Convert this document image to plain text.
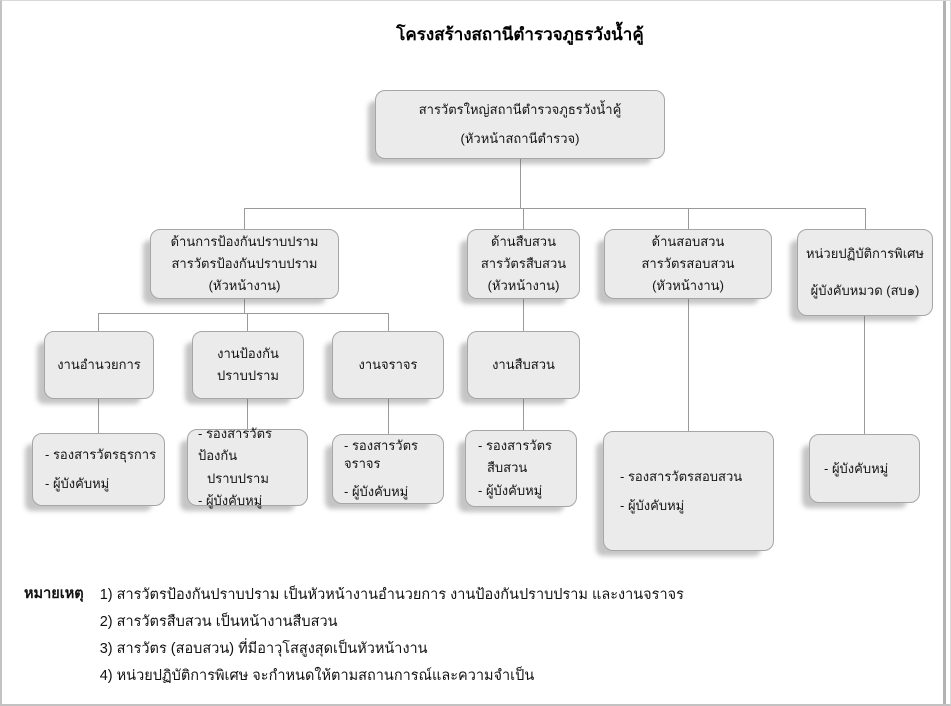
โครงสร้างสถานีตำรวจภูธรวังน้ำคู้
สารวัตรใหญ่สถานีตำรวจภูธรวังน้ำคู้
(หัวหน้าสถานีตำรวจ)
ด้านการป้องกันปราบปราม
สารวัตรป้องกันปราบปราม
(หัวหน้างาน)
ด้านสืบสวน
สารวัตรสืบสวน
(หัวหน้างาน)
ด้านสอบสวน
สารวัตรสอบสวน
(หัวหน้างาน)
หน่วยปฏิบัติการพิเศษ
ผู้บังคับหมวด (สบ๑)
งานอำนวยการ
งานป้องกัน
ปราบปราม
งานจราจร	งานสืบสวน
- รองสารวัตรธุรการ
- ผู้บังคับหมู่
- รองสารวัตรป้องกัน
ปราบปราม
- ผู้บังคับหมู่
- รองสารวัตรจราจร
- ผู้บังคับหมู่
- รองสารวัตร
สืบสวน
- ผู้บังคับหมู่
- รองสารวัตรสอบสวน
- ผู้บังคับหมู่
- ผู้บังคับหมู่
หมายเหตุ 1) สารวัตรป้องกันปราบปราม เป็นหัวหน้างานอำนวยการ งานป้องกันปราบปราม และงานจราจร
2) สารวัตรสืบสวน เป็นหน้างานสืบสวน
3) สารวัตร (สอบสวน) ที่มีอาวุโสสูงสุดเป็นหัวหน้างาน
4) หน่วยปฏิบัติการพิเศษ จะกำหนดให้ตามสถานการณ์และความจำเป็น
